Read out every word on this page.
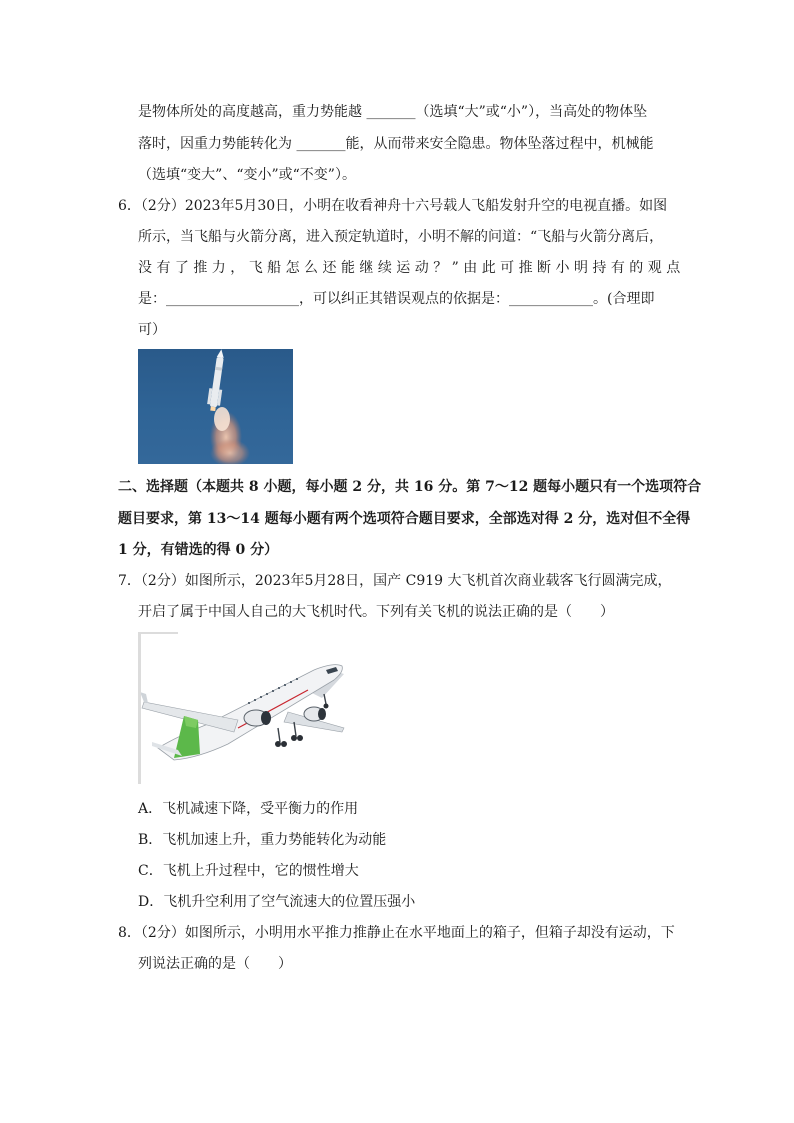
是物体所处的高度越高，重力势能越 _______（选填“大”或“小”），当高处的物体坠
落时，因重力势能转化为 _______能，从而带来安全隐患。物体坠落过程中，机械能
（选填“变大”、“变小”或“不变”）。
6．（2分）2023年5月30日，小明在收看神舟十六号载人飞船发射升空的电视直播。如图
所示，当飞船与火箭分离，进入预定轨道时，小明不解的问道：“飞船与火箭分离后，
没 有 了 推 力 ， 飞 船 怎 么 还 能 继 续 运 动 ？ ” 由 此 可 推 断 小 明 持 有 的 观 点
是：___________________，可以纠正其错误观点的依据是：____________。(合理即
可）
二、选择题（本题共 8 小题，每小题 2 分，共 16 分。第 7～12 题每小题只有一个选项符合
题目要求，第 13～14 题每小题有两个选项符合题目要求，全部选对得 2 分，选对但不全得
1 分，有错选的得 0 分）
7．（2分）如图所示，2023年5月28日，国产 C919 大飞机首次商业载客飞行圆满完成，
开启了属于中国人自己的大飞机时代。下列有关飞机的说法正确的是（　　）
A．飞机减速下降，受平衡力的作用
B．飞机加速上升，重力势能转化为动能
C．飞机上升过程中，它的惯性增大
D．飞机升空利用了空气流速大的位置压强小
8．（2分）如图所示，小明用水平推力推静止在水平地面上的箱子，但箱子却没有运动，下
列说法正确的是（　　）
